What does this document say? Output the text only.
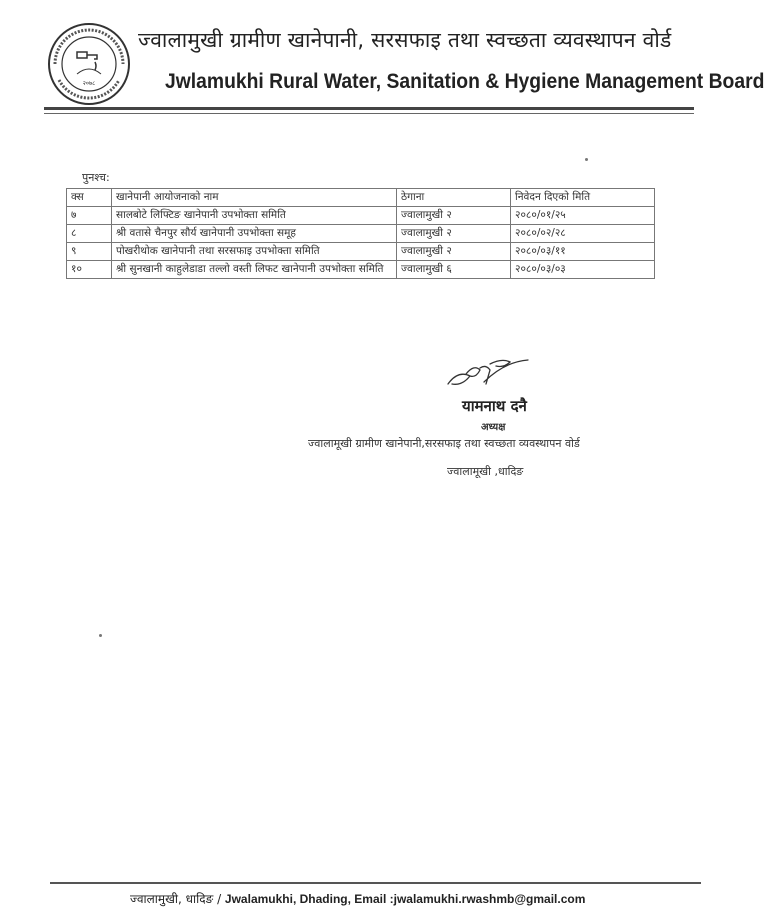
२०७८
ज्वालामुखी ग्रामीण खानेपानी, सरसफाइ तथा स्वच्छता व्यवस्थापन वोर्ड
Jwlamukhi Rural Water, Sanitation & Hygiene Management Board
पुनश्च:
क्स	खानेपानी आयोजनाको नाम	ठेगाना	निवेदन दिएको मिति
७	सालबोटे लिफ्टिङ खानेपानी उपभोक्ता समिति	ज्वालामुखी २	२०८०/०१/२५
८	श्री वतासे चैनपुर सौर्य खानेपानी उपभोक्ता समूह	ज्वालामुखी २	२०८०/०२/२८
९	पोखरीथोक खानेपानी तथा सरसफाइ उपभोक्ता समिति	ज्वालामुखी २	२०८०/०३/११
१०	श्री सुनखानी काहुलेडाडा तल्लो वस्ती लिफट खानेपानी उपभोक्ता समिति	ज्वालामुखी ६	२०८०/०३/०३
यामनाथ दनै
अध्यक्ष
ज्वालामूखी ग्रामीण खानेपानी,सरसफाइ तथा स्वच्छता व्यवस्थापन वोर्ड
ज्वालामूखी ,धादिङ
ज्वालामुखी, धादिङ / Jwalamukhi, Dhading, Email :jwalamukhi.rwashmb@gmail.com
